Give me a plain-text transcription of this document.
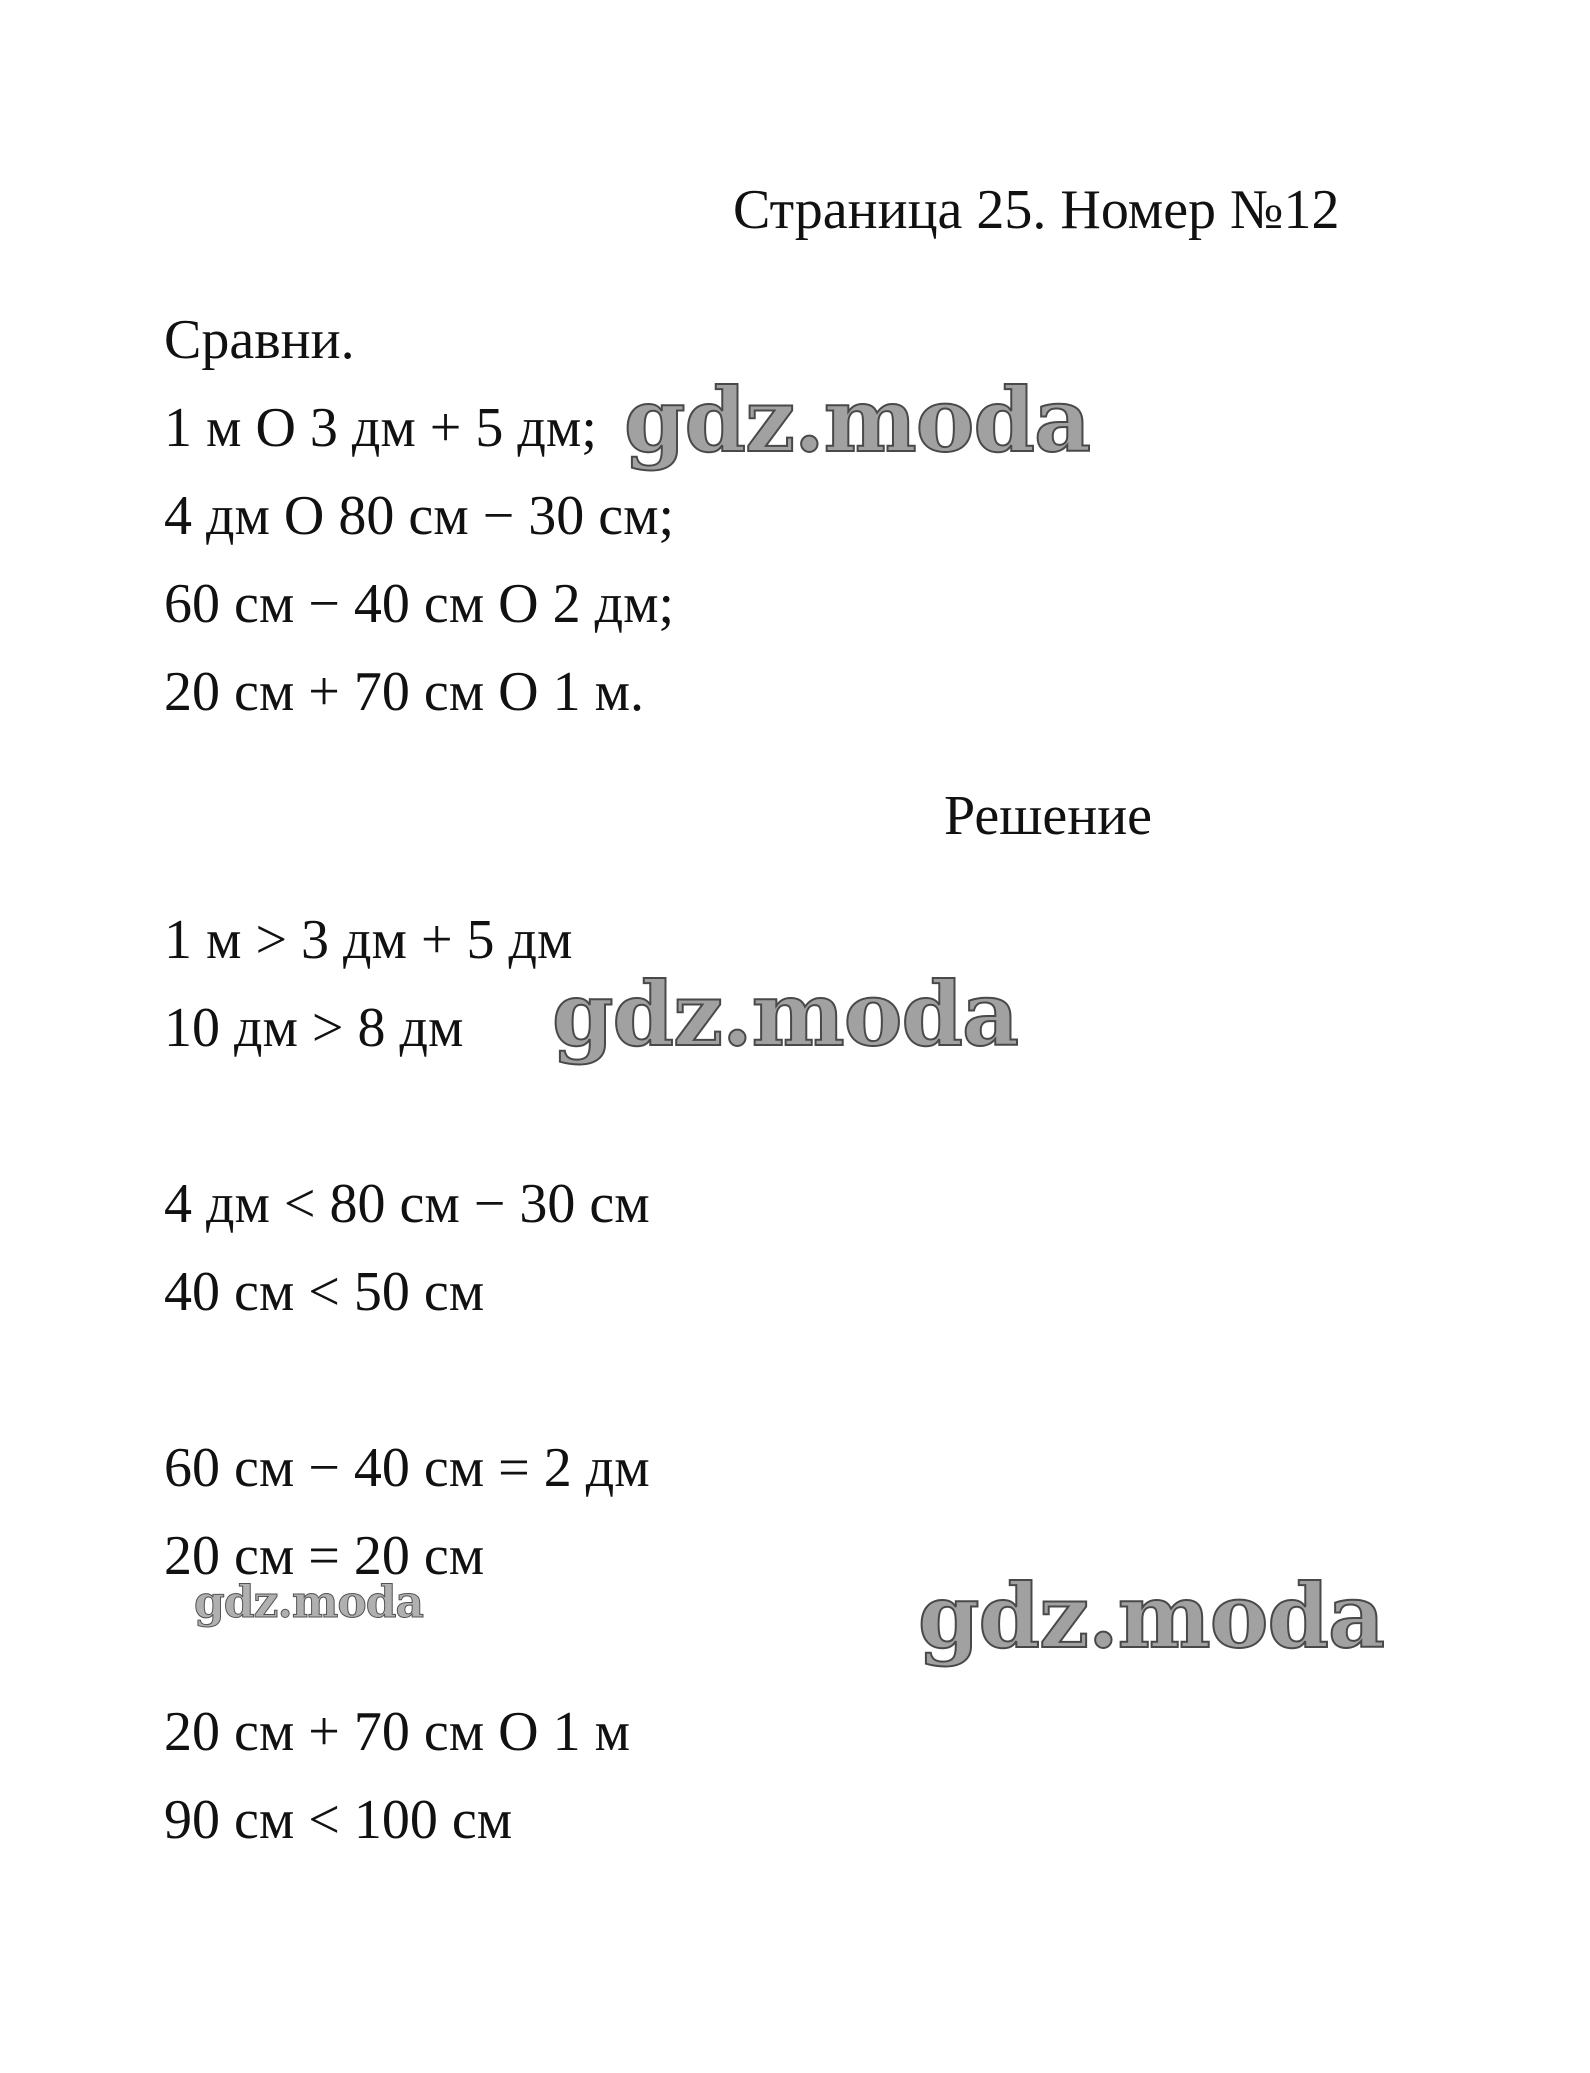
Страница 25. Номер №12
Сравни.
1 м О 3 дм + 5 дм;
4 дм О 80 см − 30 см;
60 см − 40 см О 2 дм;
20 см + 70 см О 1 м.
Решение
1 м > 3 дм + 5 дм
10 дм > 8 дм
4 дм < 80 см − 30 см
40 см < 50 см
60 см − 40 см = 2 дм
20 см = 20 см
20 см + 70 см О 1 м
90 см < 100 см
gdz.moda
gdz.moda
gdz.moda	gdz.moda
